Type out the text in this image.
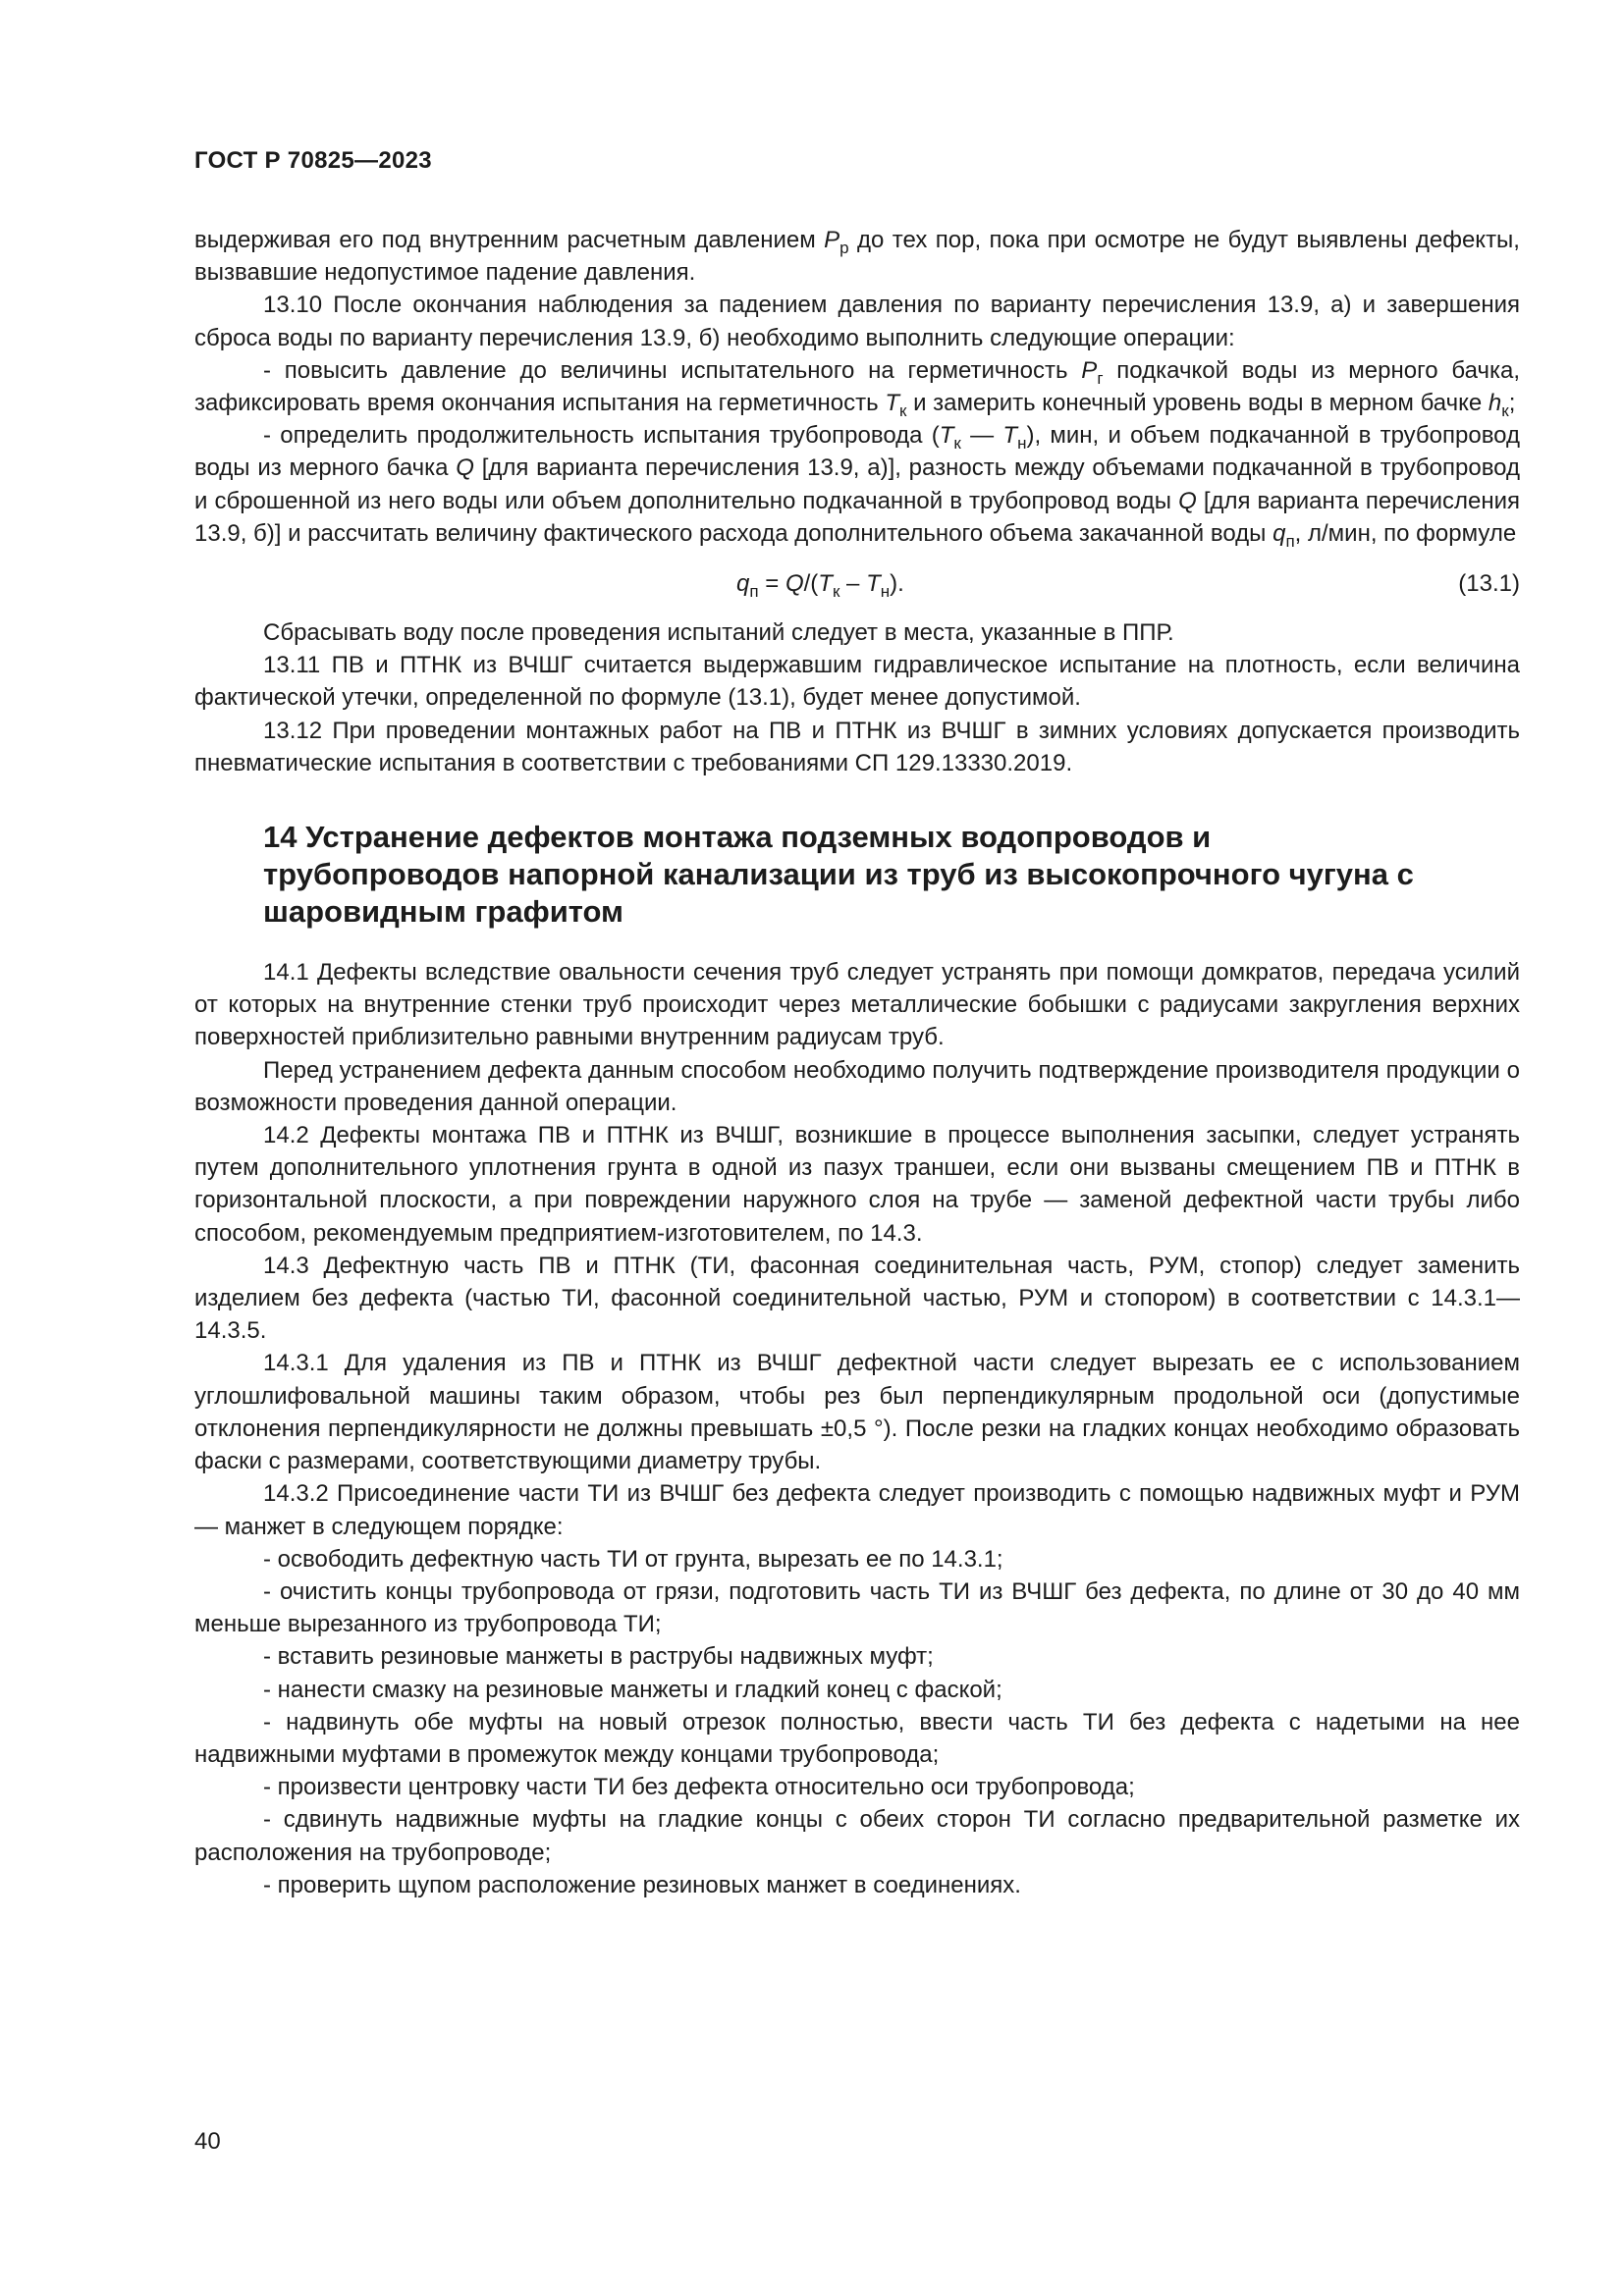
ГОСТ Р 70825—2023

выдерживая его под внутренним расчетным давлением $P_р$ до тех пор, пока при осмотре не будут выявлены дефекты, вызвавшие недопустимое падение давления.

13.10 После окончания наблюдения за падением давления по варианту перечисления 13.9, а) и завершения сброса воды по варианту перечисления 13.9, б) необходимо выполнить следующие операции:

- повысить давление до величины испытательного на герметичность $P_г$ подкачкой воды из мерного бачка, зафиксировать время окончания испытания на герметичность $T_к$ и замерить конечный уровень воды в мерном бачке $h_к$;

- определить продолжительность испытания трубопровода ($T_к$ — $T_н$), мин, и объем подкачанной в трубопровод воды из мерного бачка Q [для варианта перечисления 13.9, а)], разность между объемами подкачанной в трубопровод и сброшенной из него воды или объем дополнительно подкачанной в трубопровод воды Q [для варианта перечисления 13.9, б)] и рассчитать величину фактического расхода дополнительного объема закачанной воды $q_п$, л/мин, по формуле

$q_п = Q/(T_к - T_н)$.	(13.1)

Сбрасывать воду после проведения испытаний следует в места, указанные в ППР.

13.11 ПВ и ПТНК из ВЧШГ считается выдержавшим гидравлическое испытание на плотность, если величина фактической утечки, определенной по формуле (13.1), будет менее допустимой.

13.12 При проведении монтажных работ на ПВ и ПТНК из ВЧШГ в зимних условиях допускается производить пневматические испытания в соответствии с требованиями СП 129.13330.2019.

14 Устранение дефектов монтажа подземных водопроводов и трубопроводов напорной канализации из труб из высокопрочного чугуна с шаровидным графитом

14.1 Дефекты вследствие овальности сечения труб следует устранять при помощи домкратов, передача усилий от которых на внутренние стенки труб происходит через металлические бобышки с радиусами закругления верхних поверхностей приблизительно равными внутренним радиусам труб.

Перед устранением дефекта данным способом необходимо получить подтверждение производителя продукции о возможности проведения данной операции.

14.2 Дефекты монтажа ПВ и ПТНК из ВЧШГ, возникшие в процессе выполнения засыпки, следует устранять путем дополнительного уплотнения грунта в одной из пазух траншеи, если они вызваны смещением ПВ и ПТНК в горизонтальной плоскости, а при повреждении наружного слоя на трубе — заменой дефектной части трубы либо способом, рекомендуемым предприятием-изготовителем, по 14.3.

14.3 Дефектную часть ПВ и ПТНК (ТИ, фасонная соединительная часть, РУМ, стопор) следует заменить изделием без дефекта (частью ТИ, фасонной соединительной частью, РУМ и стопором) в соответствии с 14.3.1—14.3.5.

14.3.1 Для удаления из ПВ и ПТНК из ВЧШГ дефектной части следует вырезать ее с использованием углошлифовальной машины таким образом, чтобы рез был перпендикулярным продольной оси (допустимые отклонения перпендикулярности не должны превышать ±0,5 °). После резки на гладких концах необходимо образовать фаски с размерами, соответствующими диаметру трубы.

14.3.2 Присоединение части ТИ из ВЧШГ без дефекта следует производить с помощью надвижных муфт и РУМ — манжет в следующем порядке:

- освободить дефектную часть ТИ от грунта, вырезать ее по 14.3.1;

- очистить концы трубопровода от грязи, подготовить часть ТИ из ВЧШГ без дефекта, по длине от 30 до 40 мм меньше вырезанного из трубопровода ТИ;

- вставить резиновые манжеты в раструбы надвижных муфт;

- нанести смазку на резиновые манжеты и гладкий конец с фаской;

- надвинуть обе муфты на новый отрезок полностью, ввести часть ТИ без дефекта с надетыми на нее надвижными муфтами в промежуток между концами трубопровода;

- произвести центровку части ТИ без дефекта относительно оси трубопровода;

- сдвинуть надвижные муфты на гладкие концы с обеих сторон ТИ согласно предварительной разметке их расположения на трубопроводе;

- проверить щупом расположение резиновых манжет в соединениях.

40
